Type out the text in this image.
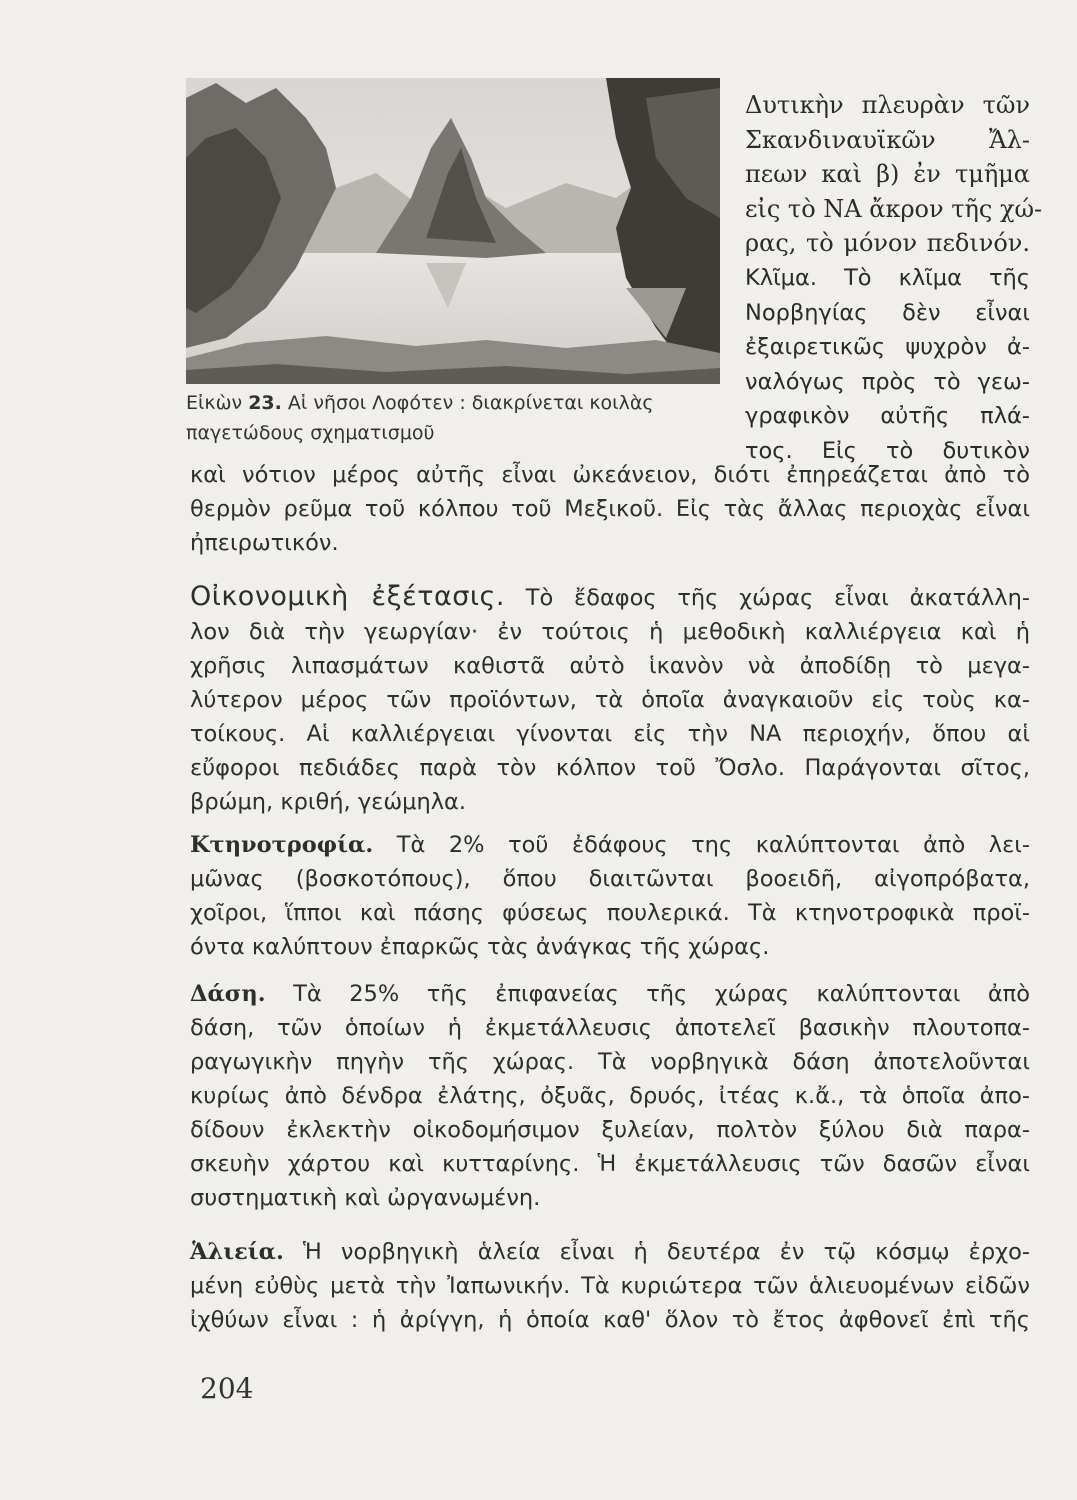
Εἰκὼν 23. Αἱ νῆσοι Λοφότεν : διακρίνεται κοιλὰς
παγετώδους σχηματισμοῦ
Δυτικὴν πλευρὰν τῶν
Σκανδιναυϊκῶν Ἄλ-
πεων καὶ β) ἐν τμῆμα
εἰς τὸ ΝΑ ἄκρον τῆς χώ-
ρας, τὸ μόνον πεδινόν.
Κλῖμα. Τὸ κλῖμα τῆς
Νορβηγίας δὲν εἶναι
ἐξαιρετικῶς ψυχρὸν ἀ-
ναλόγως πρὸς τὸ γεω-
γραφικὸν αὐτῆς πλά-
τος. Εἰς τὸ δυτικὸν
καὶ νότιον μέρος αὐτῆς εἶναι ὠκεάνειον, διότι ἐπηρεάζεται ἀπὸ τὸ
θερμὸν ρεῦμα τοῦ κόλπου τοῦ Μεξικοῦ. Εἰς τὰς ἄλλας περιοχὰς εἶναι
ἠπειρωτικόν.
Οἰκονομικὴ ἐξέτασις. Τὸ ἔδαφος τῆς χώρας εἶναι ἀκατάλλη-
λον διὰ τὴν γεωργίαν· ἐν τούτοις ἡ μεθοδικὴ καλλιέργεια καὶ ἡ
χρῆσις λιπασμάτων καθιστᾶ αὐτὸ ἱκανὸν νὰ ἀποδίδῃ τὸ μεγα-
λύτερον μέρος τῶν προϊόντων, τὰ ὁποῖα ἀναγκαιοῦν εἰς τοὺς κα-
τοίκους. Αἱ καλλιέργειαι γίνονται εἰς τὴν ΝΑ περιοχήν, ὅπου αἱ
εὔφοροι πεδιάδες παρὰ τὸν κόλπον τοῦ Ὄσλο. Παράγονται σῖτος,
βρώμη, κριθή, γεώμηλα.
Κτηνοτροφία. Τὰ 2% τοῦ ἐδάφους της καλύπτονται ἀπὸ λει-
μῶνας (βοσκοτόπους), ὅπου διαιτῶνται βοοειδῆ, αἰγοπρόβατα,
χοῖροι, ἵπποι καὶ πάσης φύσεως πουλερικά. Τὰ κτηνοτροφικὰ προϊ-
όντα καλύπτουν ἐπαρκῶς τὰς ἀνάγκας τῆς χώρας.
Δάση. Τὰ 25% τῆς ἐπιφανείας τῆς χώρας καλύπτονται ἀπὸ
δάση, τῶν ὁποίων ἡ ἐκμετάλλευσις ἀποτελεῖ βασικὴν πλουτοπα-
ραγωγικὴν πηγὴν τῆς χώρας. Τὰ νορβηγικὰ δάση ἀποτελοῦνται
κυρίως ἀπὸ δένδρα ἐλάτης, ὀξυᾶς, δρυός, ἰτέας κ.ἄ., τὰ ὁποῖα ἀπο-
δίδουν ἐκλεκτὴν οἰκοδομήσιμον ξυλείαν, πολτὸν ξύλου διὰ παρα-
σκευὴν χάρτου καὶ κυτταρίνης. Ἡ ἐκμετάλλευσις τῶν δασῶν εἶναι
συστηματικὴ καὶ ὠργανωμένη.
Ἁλιεία. Ἡ νορβηγικὴ ἁλεία εἶναι ἡ δευτέρα ἐν τῷ κόσμῳ ἐρχο-
μένη εὐθὺς μετὰ τὴν Ἰαπωνικήν. Τὰ κυριώτερα τῶν ἁλιευομένων εἰδῶν
ἰχθύων εἶναι : ἡ ἀρίγγη, ἡ ὁποία καθ' ὅλον τὸ ἔτος ἀφθονεῖ ἐπὶ τῆς
204
